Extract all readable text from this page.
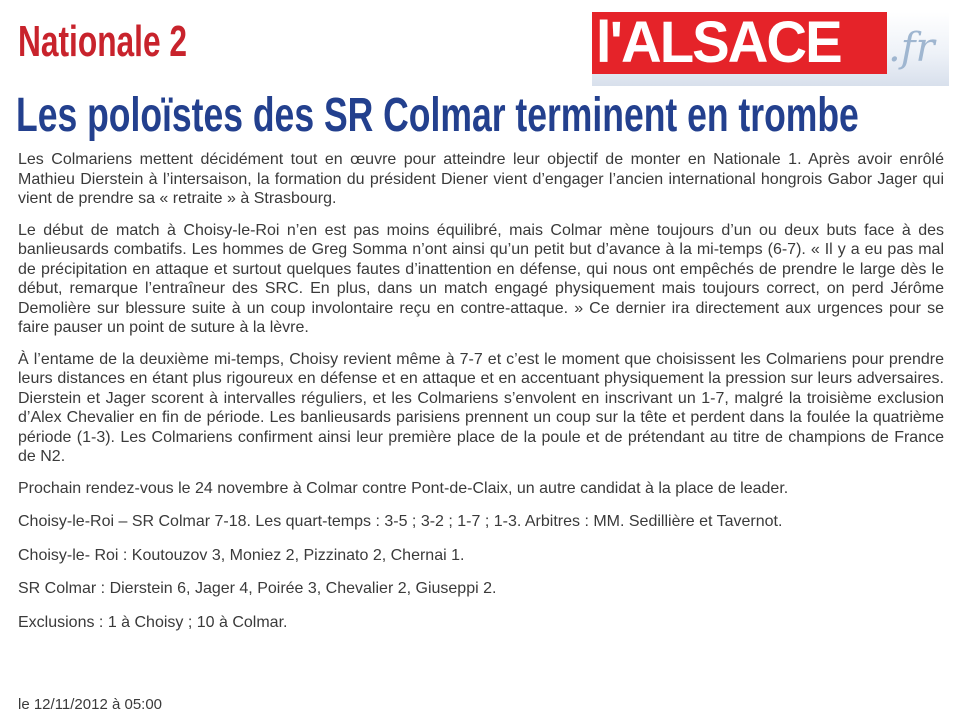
Nationale 2	l'ALSACE .fr
Les poloïstes des SR Colmar terminent en trombe

Les Colmariens mettent décidément tout en œuvre pour atteindre leur objectif de monter en Nationale 1. Après avoir enrôlé Mathieu Dierstein à l’intersaison, la formation du président Diener vient d’engager l’ancien international hongrois Gabor Jager qui vient de prendre sa « retraite » à Strasbourg.

Le début de match à Choisy-le-Roi n’en est pas moins équilibré, mais Colmar mène toujours d’un ou deux buts face à des banlieusards combatifs. Les hommes de Greg Somma n’ont ainsi qu’un petit but d’avance à la mi-temps (6-7). « Il y a eu pas mal de précipitation en attaque et surtout quelques fautes d’inattention en défense, qui nous ont empêchés de prendre le large dès le début, remarque l’entraîneur des SRC. En plus, dans un match engagé physiquement mais toujours correct, on perd Jérôme Demolière sur blessure suite à un coup involontaire reçu en contre-attaque. » Ce dernier ira directement aux urgences pour se faire pauser un point de suture à la lèvre.

À l’entame de la deuxième mi-temps, Choisy revient même à 7-7 et c’est le moment que choisissent les Colmariens pour prendre leurs distances en étant plus rigoureux en défense et en attaque et en accentuant physiquement la pression sur leurs adversaires. Dierstein et Jager scorent à intervalles réguliers, et les Colmariens s’envolent en inscrivant un 1-7, malgré la troisième exclusion d’Alex Chevalier en fin de période. Les banlieusards parisiens prennent un coup sur la tête et perdent dans la foulée la quatrième période (1-3). Les Colmariens confirment ainsi leur première place de la poule et de prétendant au titre de champions de France de N2.

Prochain rendez-vous le 24 novembre à Colmar contre Pont-de-Claix, un autre candidat à la place de leader.

Choisy-le-Roi – SR Colmar 7-18. Les quart-temps : 3-5 ; 3-2 ; 1-7 ; 1-3. Arbitres : MM. Sedillière et Tavernot.

Choisy-le- Roi : Koutouzov 3, Moniez 2, Pizzinato 2, Chernai 1.

SR Colmar : Dierstein 6, Jager 4, Poirée 3, Chevalier 2, Giuseppi 2.

Exclusions : 1 à Choisy ; 10 à Colmar.

le 12/11/2012 à 05:00
